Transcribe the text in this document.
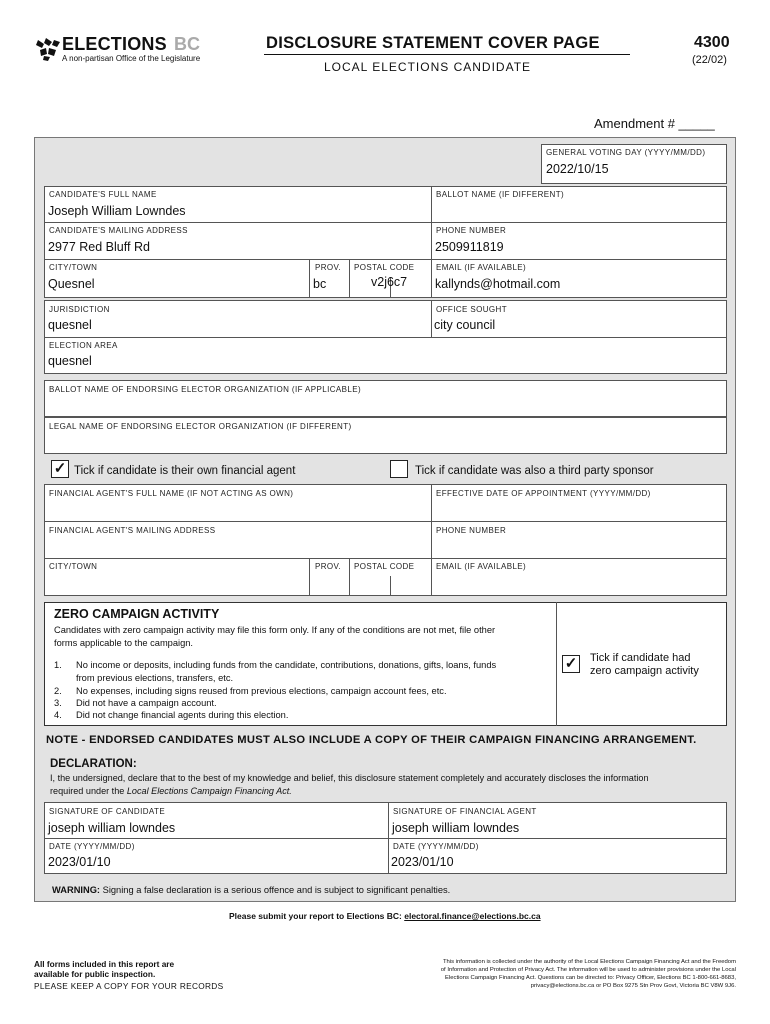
ELECTIONS BC
A non-partisan Office of the Legislature
DISCLOSURE STATEMENT COVER PAGE
LOCAL ELECTIONS CANDIDATE
4300
(22/02)
Amendment # _____
GENERAL VOTING DAY (YYYY/MM/DD)
2022/10/15
CANDIDATE'S FULL NAME
Joseph William Lowndes
BALLOT NAME (IF DIFFERENT)
CANDIDATE'S MAILING ADDRESS
2977 Red Bluff Rd
PHONE NUMBER
2509911819
CITY/TOWN
Quesnel
PROV.
bc
POSTAL CODE
v2j6c7
EMAIL (IF AVAILABLE)
kallynds@hotmail.com
JURISDICTION
quesnel
OFFICE SOUGHT
city council
ELECTION AREA
quesnel
BALLOT NAME OF ENDORSING ELECTOR ORGANIZATION (IF APPLICABLE)
LEGAL NAME OF ENDORSING ELECTOR ORGANIZATION (IF DIFFERENT)
✓ Tick if candidate is their own financial agent	Tick if candidate was also a third party sponsor
FINANCIAL AGENT'S FULL NAME (IF NOT ACTING AS OWN)	EFFECTIVE DATE OF APPOINTMENT (YYYY/MM/DD)
FINANCIAL AGENT'S MAILING ADDRESS	PHONE NUMBER
CITY/TOWN	PROV. POSTAL CODE	EMAIL (IF AVAILABLE)
ZERO CAMPAIGN ACTIVITY
Candidates with zero campaign activity may file this form only. If any of the conditions are not met, file other
forms applicable to the campaign.
1. No income or deposits, including funds from the candidate, contributions, donations, gifts, loans, funds
from previous elections, transfers, etc.
2. No expenses, including signs reused from previous elections, campaign account fees, etc.
3. Did not have a campaign account.
4. Did not change financial agents during this election.
✓ Tick if candidate had
zero campaign activity
NOTE - ENDORSED CANDIDATES MUST ALSO INCLUDE A COPY OF THEIR CAMPAIGN FINANCING ARRANGEMENT.
DECLARATION:
I, the undersigned, declare that to the best of my knowledge and belief, this disclosure statement completely and accurately discloses the information
required under the Local Elections Campaign Financing Act.
SIGNATURE OF CANDIDATE
joseph william lowndes
SIGNATURE OF FINANCIAL AGENT
joseph william lowndes
DATE (YYYY/MM/DD)
2023/01/10
DATE (YYYY/MM/DD)
2023/01/10
WARNING: Signing a false declaration is a serious offence and is subject to significant penalties.
Please submit your report to Elections BC: electoral.finance@elections.bc.ca
All forms included in this report are
available for public inspection.
PLEASE KEEP A COPY FOR YOUR RECORDS
This information is collected under the authority of the Local Elections Campaign Financing Act and the Freedom
of Information and Protection of Privacy Act. The information will be used to administer provisions under the Local
Elections Campaign Financing Act. Questions can be directed to: Privacy Officer, Elections BC 1-800-661-8683,
privacy@elections.bc.ca or PO Box 9275 Stn Prov Govt, Victoria BC V8W 9J6.
